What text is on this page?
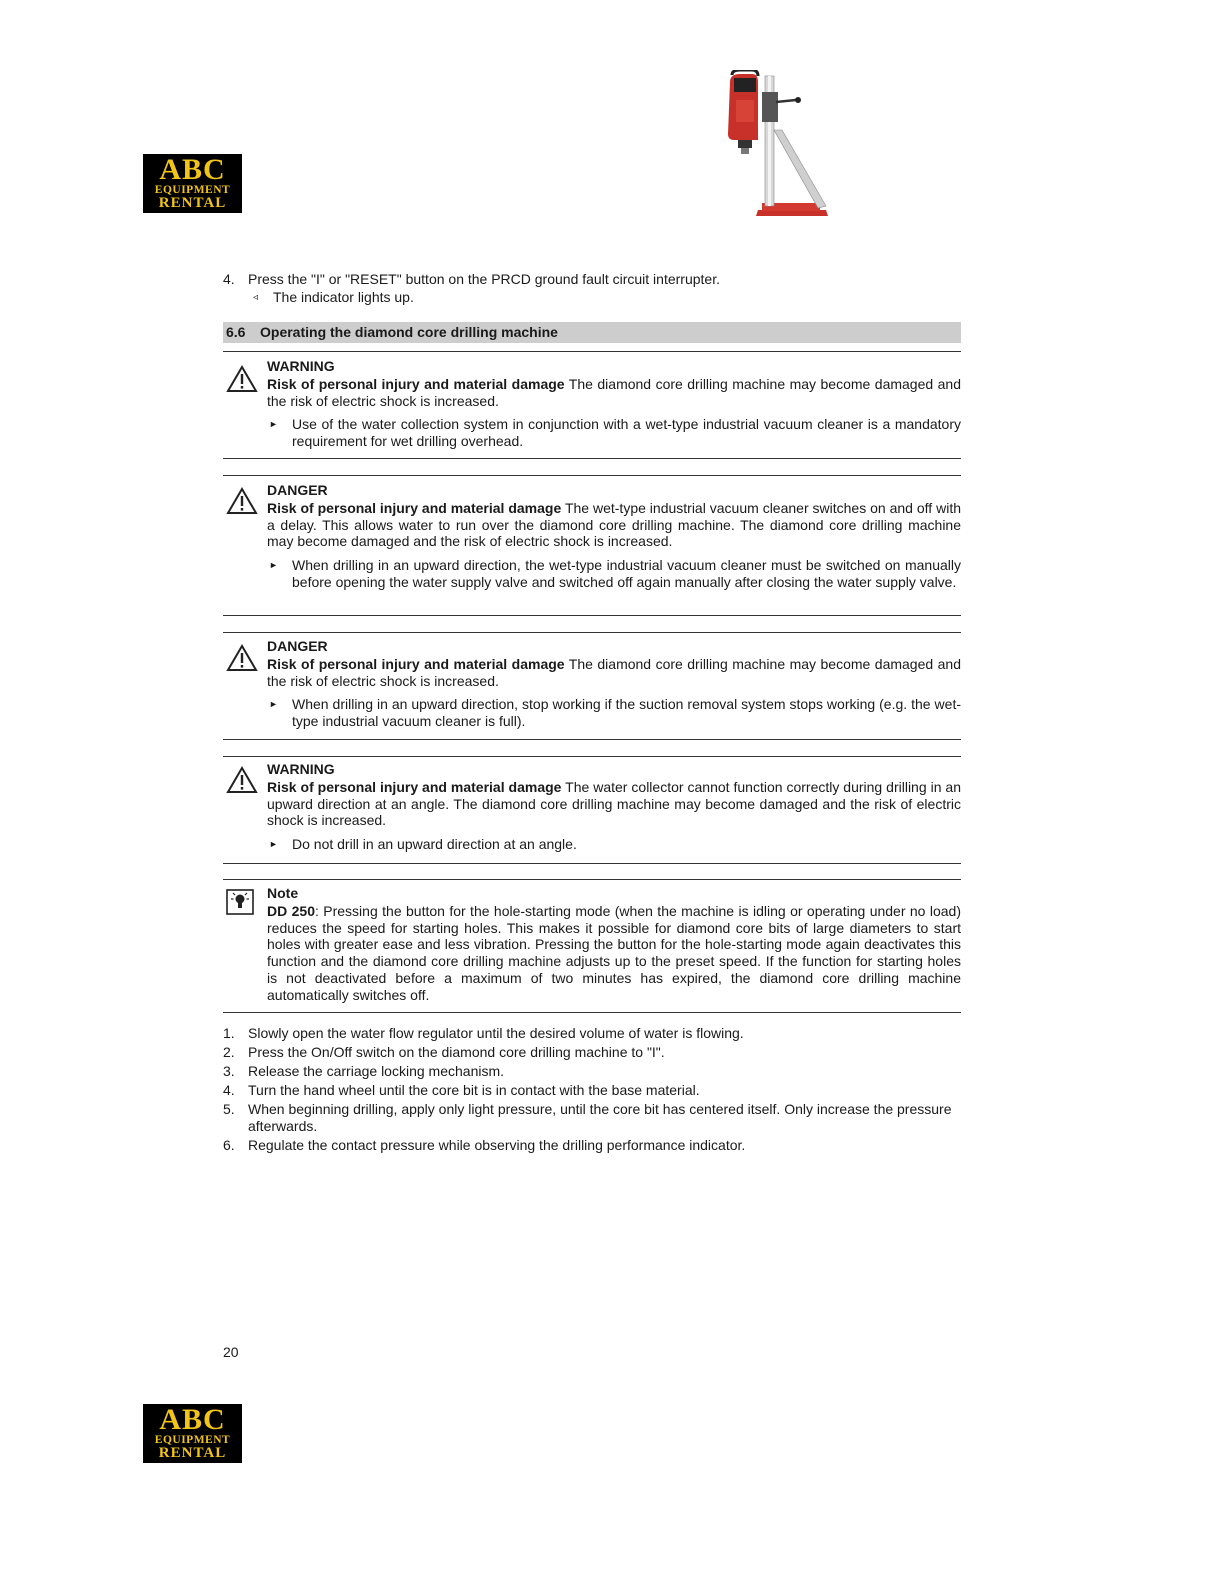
ABC
EQUIPMENT
RENTAL
4. Press the "I" or "RESET" button on the PRCD ground fault circuit interrupter.
◃ The indicator lights up.
6.6 Operating the diamond core drilling machine
WARNING
Risk of personal injury and material damage The diamond core drilling machine may become damaged and the risk of electric shock is increased.
► Use of the water collection system in conjunction with a wet-type industrial vacuum cleaner is a mandatory requirement for wet drilling overhead.
DANGER
Risk of personal injury and material damage The wet-type industrial vacuum cleaner switches on and off with a delay. This allows water to run over the diamond core drilling machine. The diamond core drilling machine may become damaged and the risk of electric shock is increased.
► When drilling in an upward direction, the wet-type industrial vacuum cleaner must be switched on manually before opening the water supply valve and switched off again manually after closing the water supply valve.
DANGER
Risk of personal injury and material damage The diamond core drilling machine may become damaged and the risk of electric shock is increased.
► When drilling in an upward direction, stop working if the suction removal system stops working (e.g. the wet-type industrial vacuum cleaner is full).
WARNING
Risk of personal injury and material damage The water collector cannot function correctly during drilling in an upward direction at an angle. The diamond core drilling machine may become damaged and the risk of electric shock is increased.
► Do not drill in an upward direction at an angle.
Note
DD 250: Pressing the button for the hole-starting mode (when the machine is idling or operating under no load) reduces the speed for starting holes. This makes it possible for diamond core bits of large diameters to start holes with greater ease and less vibration. Pressing the button for the hole-starting mode again deactivates this function and the diamond core drilling machine adjusts up to the preset speed. If the function for starting holes is not deactivated before a maximum of two minutes has expired, the diamond core drilling machine automatically switches off.
1. Slowly open the water flow regulator until the desired volume of water is flowing.
2. Press the On/Off switch on the diamond core drilling machine to "I".
3. Release the carriage locking mechanism.
4. Turn the hand wheel until the core bit is in contact with the base material.
5. When beginning drilling, apply only light pressure, until the core bit has centered itself. Only increase the pressure afterwards.
6. Regulate the contact pressure while observing the drilling performance indicator.
20
ABC
EQUIPMENT
RENTAL
